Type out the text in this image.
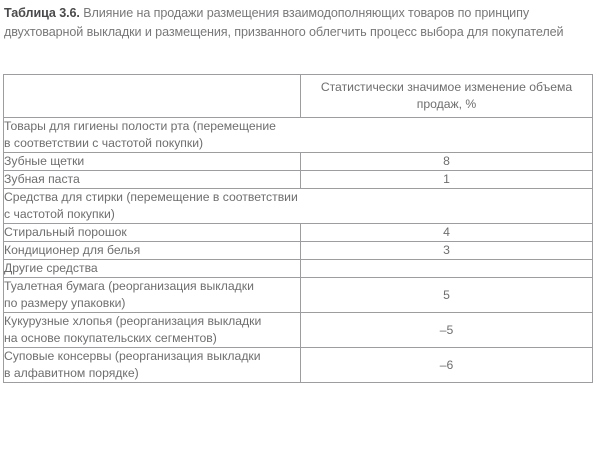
Таблица 3.6. Влияние на продажи размещения взаимодополняющих товаров по принципу двухтоварной выкладки и размещения, призванного облегчить процесс выбора для покупателей
	Статистически значимое изменение объема продаж, %

Товары для гигиены полости рта (перемещение
в соответствии с частотой покупки)	

Зубные щетки	8
Зубная паста	1

Средства для стирки (перемещение в соответствии
с частотой покупки)	

Стиральный порошок	4
Кондиционер для белья	3
Другие средства	

Туалетная бумага (реорганизация выкладки
по размеру упаковки)	5

Кукурузные хлопья (реорганизация выкладки
на основе покупательских сегментов)	–5

Суповые консервы (реорганизация выкладки
в алфавитном порядке)	–6
